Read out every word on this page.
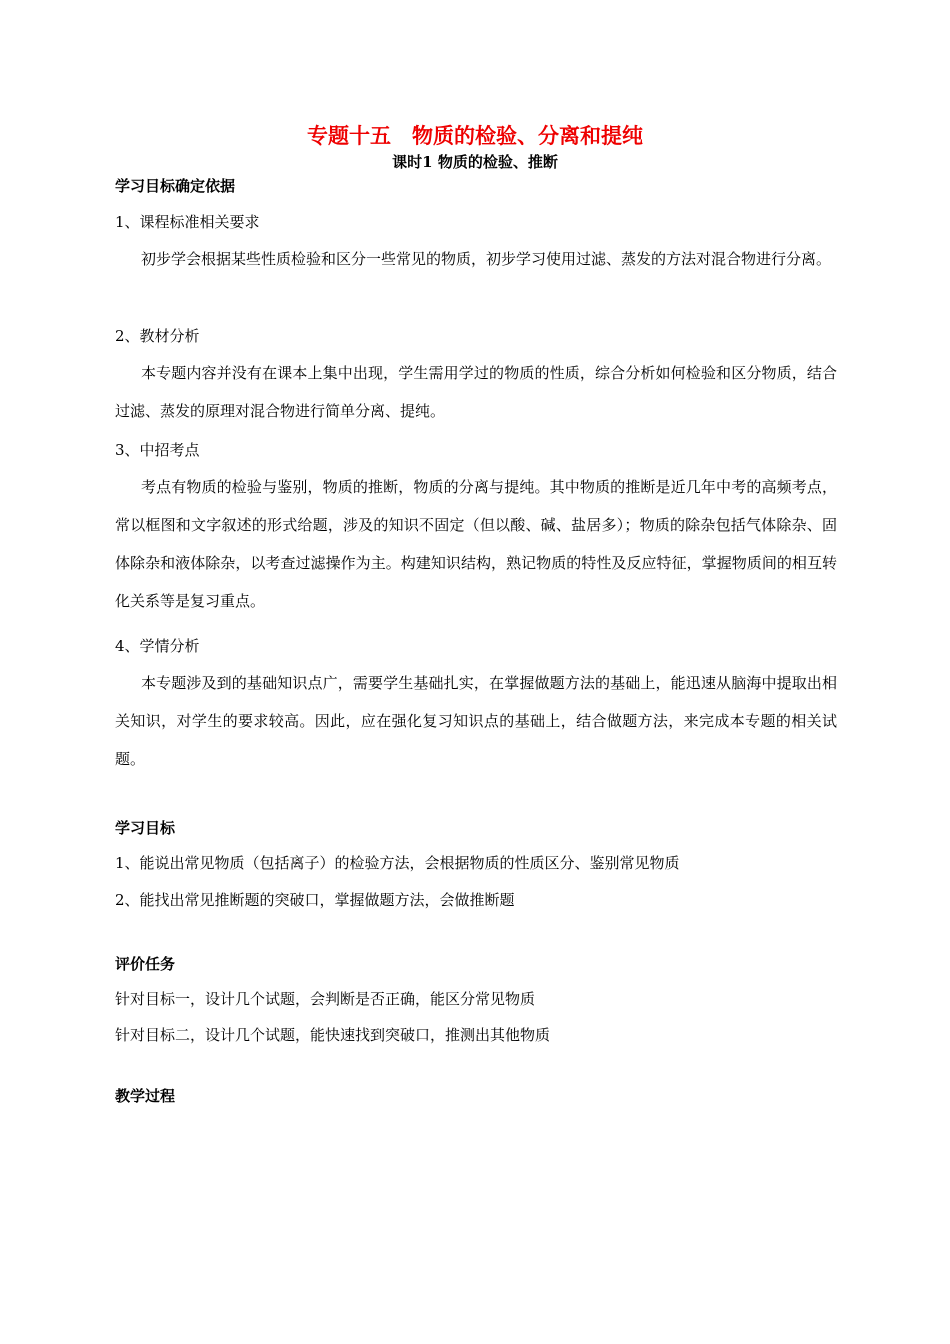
专题十五　物质的检验、分离和提纯
课时1 物质的检验、推断
学习目标确定依据
1、课程标准相关要求

初步学会根据某些性质检验和区分一些常见的物质，初步学习使用过滤、蒸发的方法对混合物进行分离。

2、教材分析

本专题内容并没有在课本上集中出现，学生需用学过的物质的性质，综合分析如何检验和区分物质，结合过滤、蒸发的原理对混合物进行简单分离、提纯。

3、中招考点

考点有物质的检验与鉴别，物质的推断，物质的分离与提纯。其中物质的推断是近几年中考的高频考点，常以框图和文字叙述的形式给题，涉及的知识不固定（但以酸、碱、盐居多）；物质的除杂包括气体除杂、固体除杂和液体除杂，以考查过滤操作为主。构建知识结构，熟记物质的特性及反应特征，掌握物质间的相互转化关系等是复习重点。

4、学情分析

本专题涉及到的基础知识点广，需要学生基础扎实，在掌握做题方法的基础上，能迅速从脑海中提取出相关知识，对学生的要求较高。因此，应在强化复习知识点的基础上，结合做题方法，来完成本专题的相关试题。

学习目标
1、能说出常见物质（包括离子）的检验方法，会根据物质的性质区分、鉴别常见物质
2、能找出常见推断题的突破口，掌握做题方法，会做推断题
评价任务
针对目标一，设计几个试题，会判断是否正确，能区分常见物质
针对目标二，设计几个试题，能快速找到突破口，推测出其他物质
教学过程
